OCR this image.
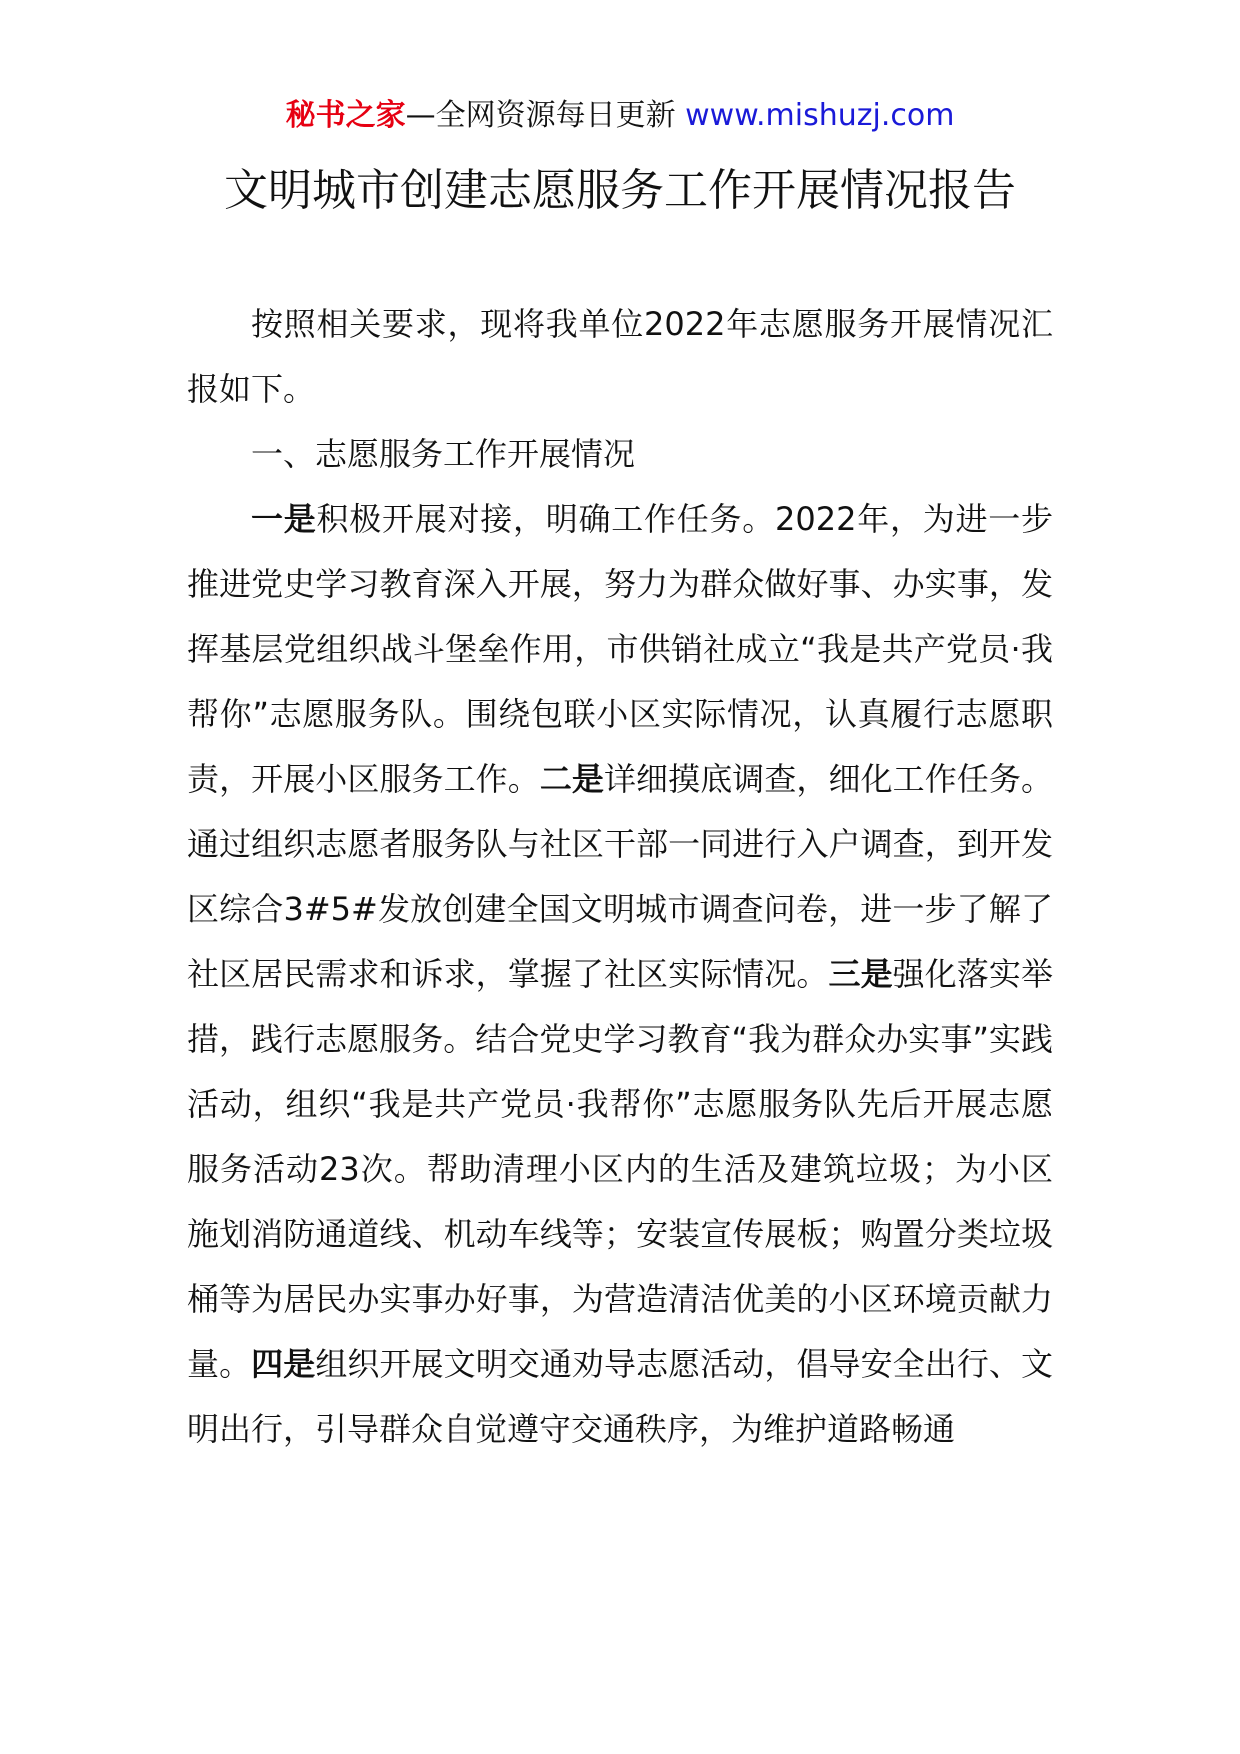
秘书之家—全网资源每日更新 www.mishuzj.com
文明城市创建志愿服务工作开展情况报告

按照相关要求，现将我单位2022年志愿服务开展情况汇报如下。

一、志愿服务工作开展情况

一是积极开展对接，明确工作任务。2022年，为进一步推进党史学习教育深入开展，努力为群众做好事、办实事，发挥基层党组织战斗堡垒作用，市供销社成立“我是共产党员·我帮你”志愿服务队。围绕包联小区实际情况，认真履行志愿职责，开展小区服务工作。二是详细摸底调查，细化工作任务。通过组织志愿者服务队与社区干部一同进行入户调查，到开发区综合3#5#发放创建全国文明城市调查问卷，进一步了解了社区居民需求和诉求，掌握了社区实际情况。三是强化落实举措，践行志愿服务。结合党史学习教育“我为群众办实事”实践活动，组织“我是共产党员·我帮你”志愿服务队先后开展志愿服务活动23次。帮助清理小区内的生活及建筑垃圾；为小区施划消防通道线、机动车线等；安装宣传展板；购置分类垃圾桶等为居民办实事办好事，为营造清洁优美的小区环境贡献力量。四是组织开展文明交通劝导志愿活动，倡导安全出行、文明出行，引导群众自觉遵守交通秩序，为维护道路畅通
